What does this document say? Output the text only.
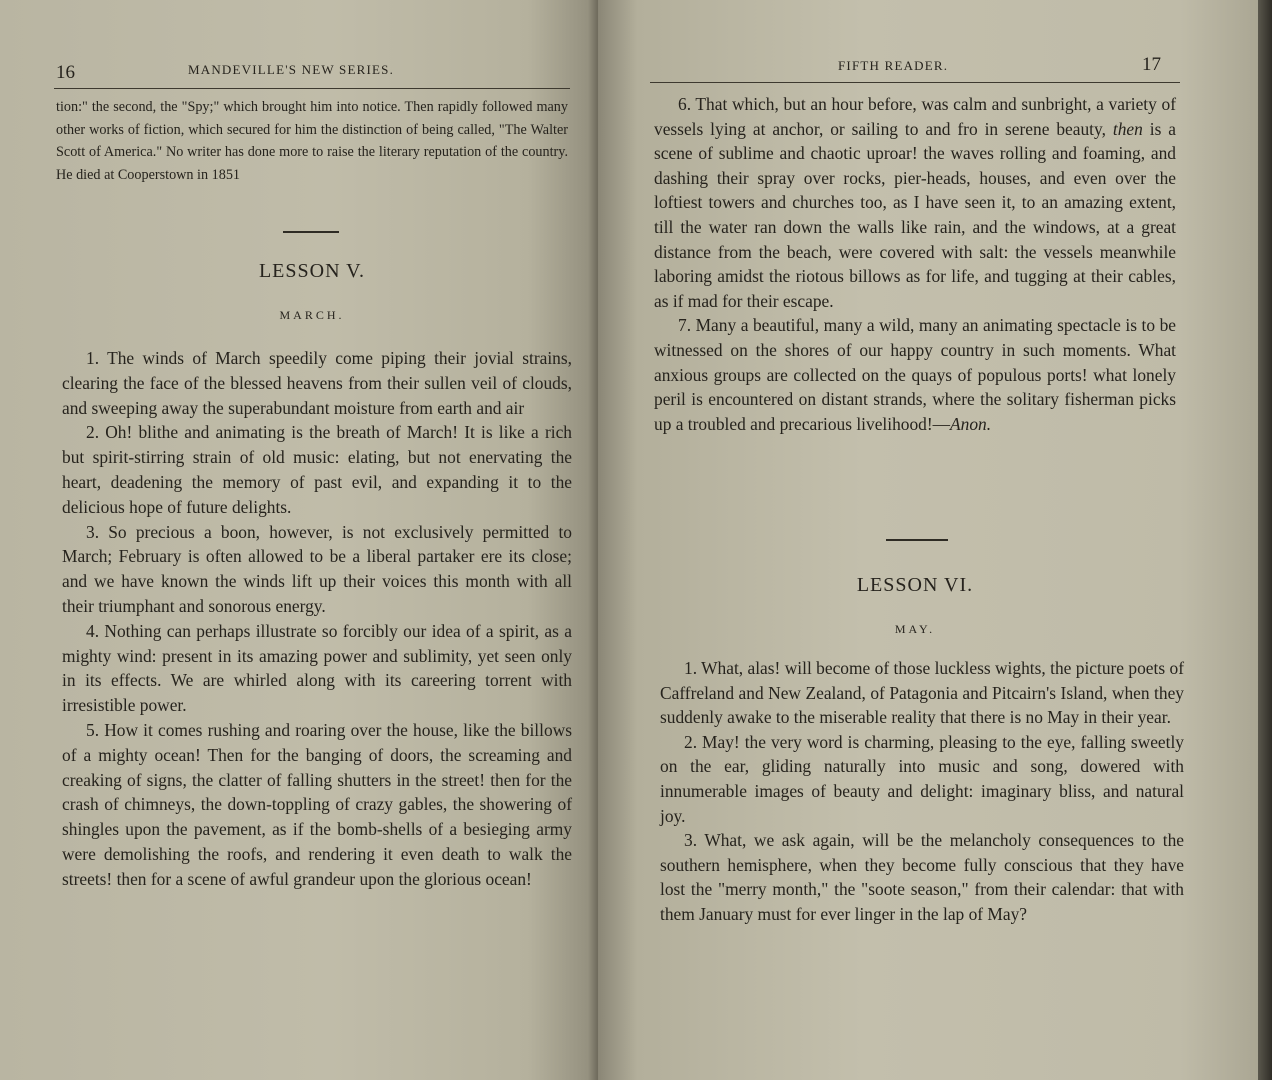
16	MANDEVILLE'S NEW SERIES.

tion:" the second, the "Spy;" which brought him into notice. Then rapidly followed many other works of fiction, which secured for him the distinction of being called, "The Walter Scott of America." No writer has done more to raise the literary reputation of the country. He died at Cooperstown in 1851

LESSON V.
MARCH.

1. The winds of March speedily come piping their jovial strains, clearing the face of the blessed heavens from their sullen veil of clouds, and sweeping away the superabundant moisture from earth and air

2. Oh! blithe and animating is the breath of March! It is like a rich but spirit-stirring strain of old music: elating, but not enervating the heart, deadening the memory of past evil, and expanding it to the delicious hope of future delights.

3. So precious a boon, however, is not exclusively permitted to March; February is often allowed to be a liberal partaker ere its close; and we have known the winds lift up their voices this month with all their triumphant and sonorous energy.

4. Nothing can perhaps illustrate so forcibly our idea of a spirit, as a mighty wind: present in its amazing power and sublimity, yet seen only in its effects. We are whirled along with its careering torrent with irresistible power.

5. How it comes rushing and roaring over the house, like the billows of a mighty ocean! Then for the banging of doors, the screaming and creaking of signs, the clatter of falling shutters in the street! then for the crash of chimneys, the down-toppling of crazy gables, the showering of shingles upon the pavement, as if the bomb-shells of a besieging army were demolishing the roofs, and rendering it even death to walk the streets! then for a scene of awful grandeur upon the glorious ocean!

FIFTH READER.	17

6. That which, but an hour before, was calm and sunbright, a variety of vessels lying at anchor, or sailing to and fro in serene beauty, then is a scene of sublime and chaotic uproar! the waves rolling and foaming, and dashing their spray over rocks, pier-heads, houses, and even over the loftiest towers and churches too, as I have seen it, to an amazing extent, till the water ran down the walls like rain, and the windows, at a great distance from the beach, were covered with salt: the vessels meanwhile laboring amidst the riotous billows as for life, and tugging at their cables, as if mad for their escape.

7. Many a beautiful, many a wild, many an animating spectacle is to be witnessed on the shores of our happy country in such moments. What anxious groups are collected on the quays of populous ports! what lonely peril is encountered on distant strands, where the solitary fisherman picks up a troubled and precarious livelihood!—Anon.

LESSON VI.
MAY.

1. What, alas! will become of those luckless wights, the picture poets of Caffreland and New Zealand, of Patagonia and Pitcairn's Island, when they suddenly awake to the miserable reality that there is no May in their year.

2. May! the very word is charming, pleasing to the eye, falling sweetly on the ear, gliding naturally into music and song, dowered with innumerable images of beauty and delight: imaginary bliss, and natural joy.

3. What, we ask again, will be the melancholy consequences to the southern hemisphere, when they become fully conscious that they have lost the "merry month," the "soote season," from their calendar: that with them January must for ever linger in the lap of May?
